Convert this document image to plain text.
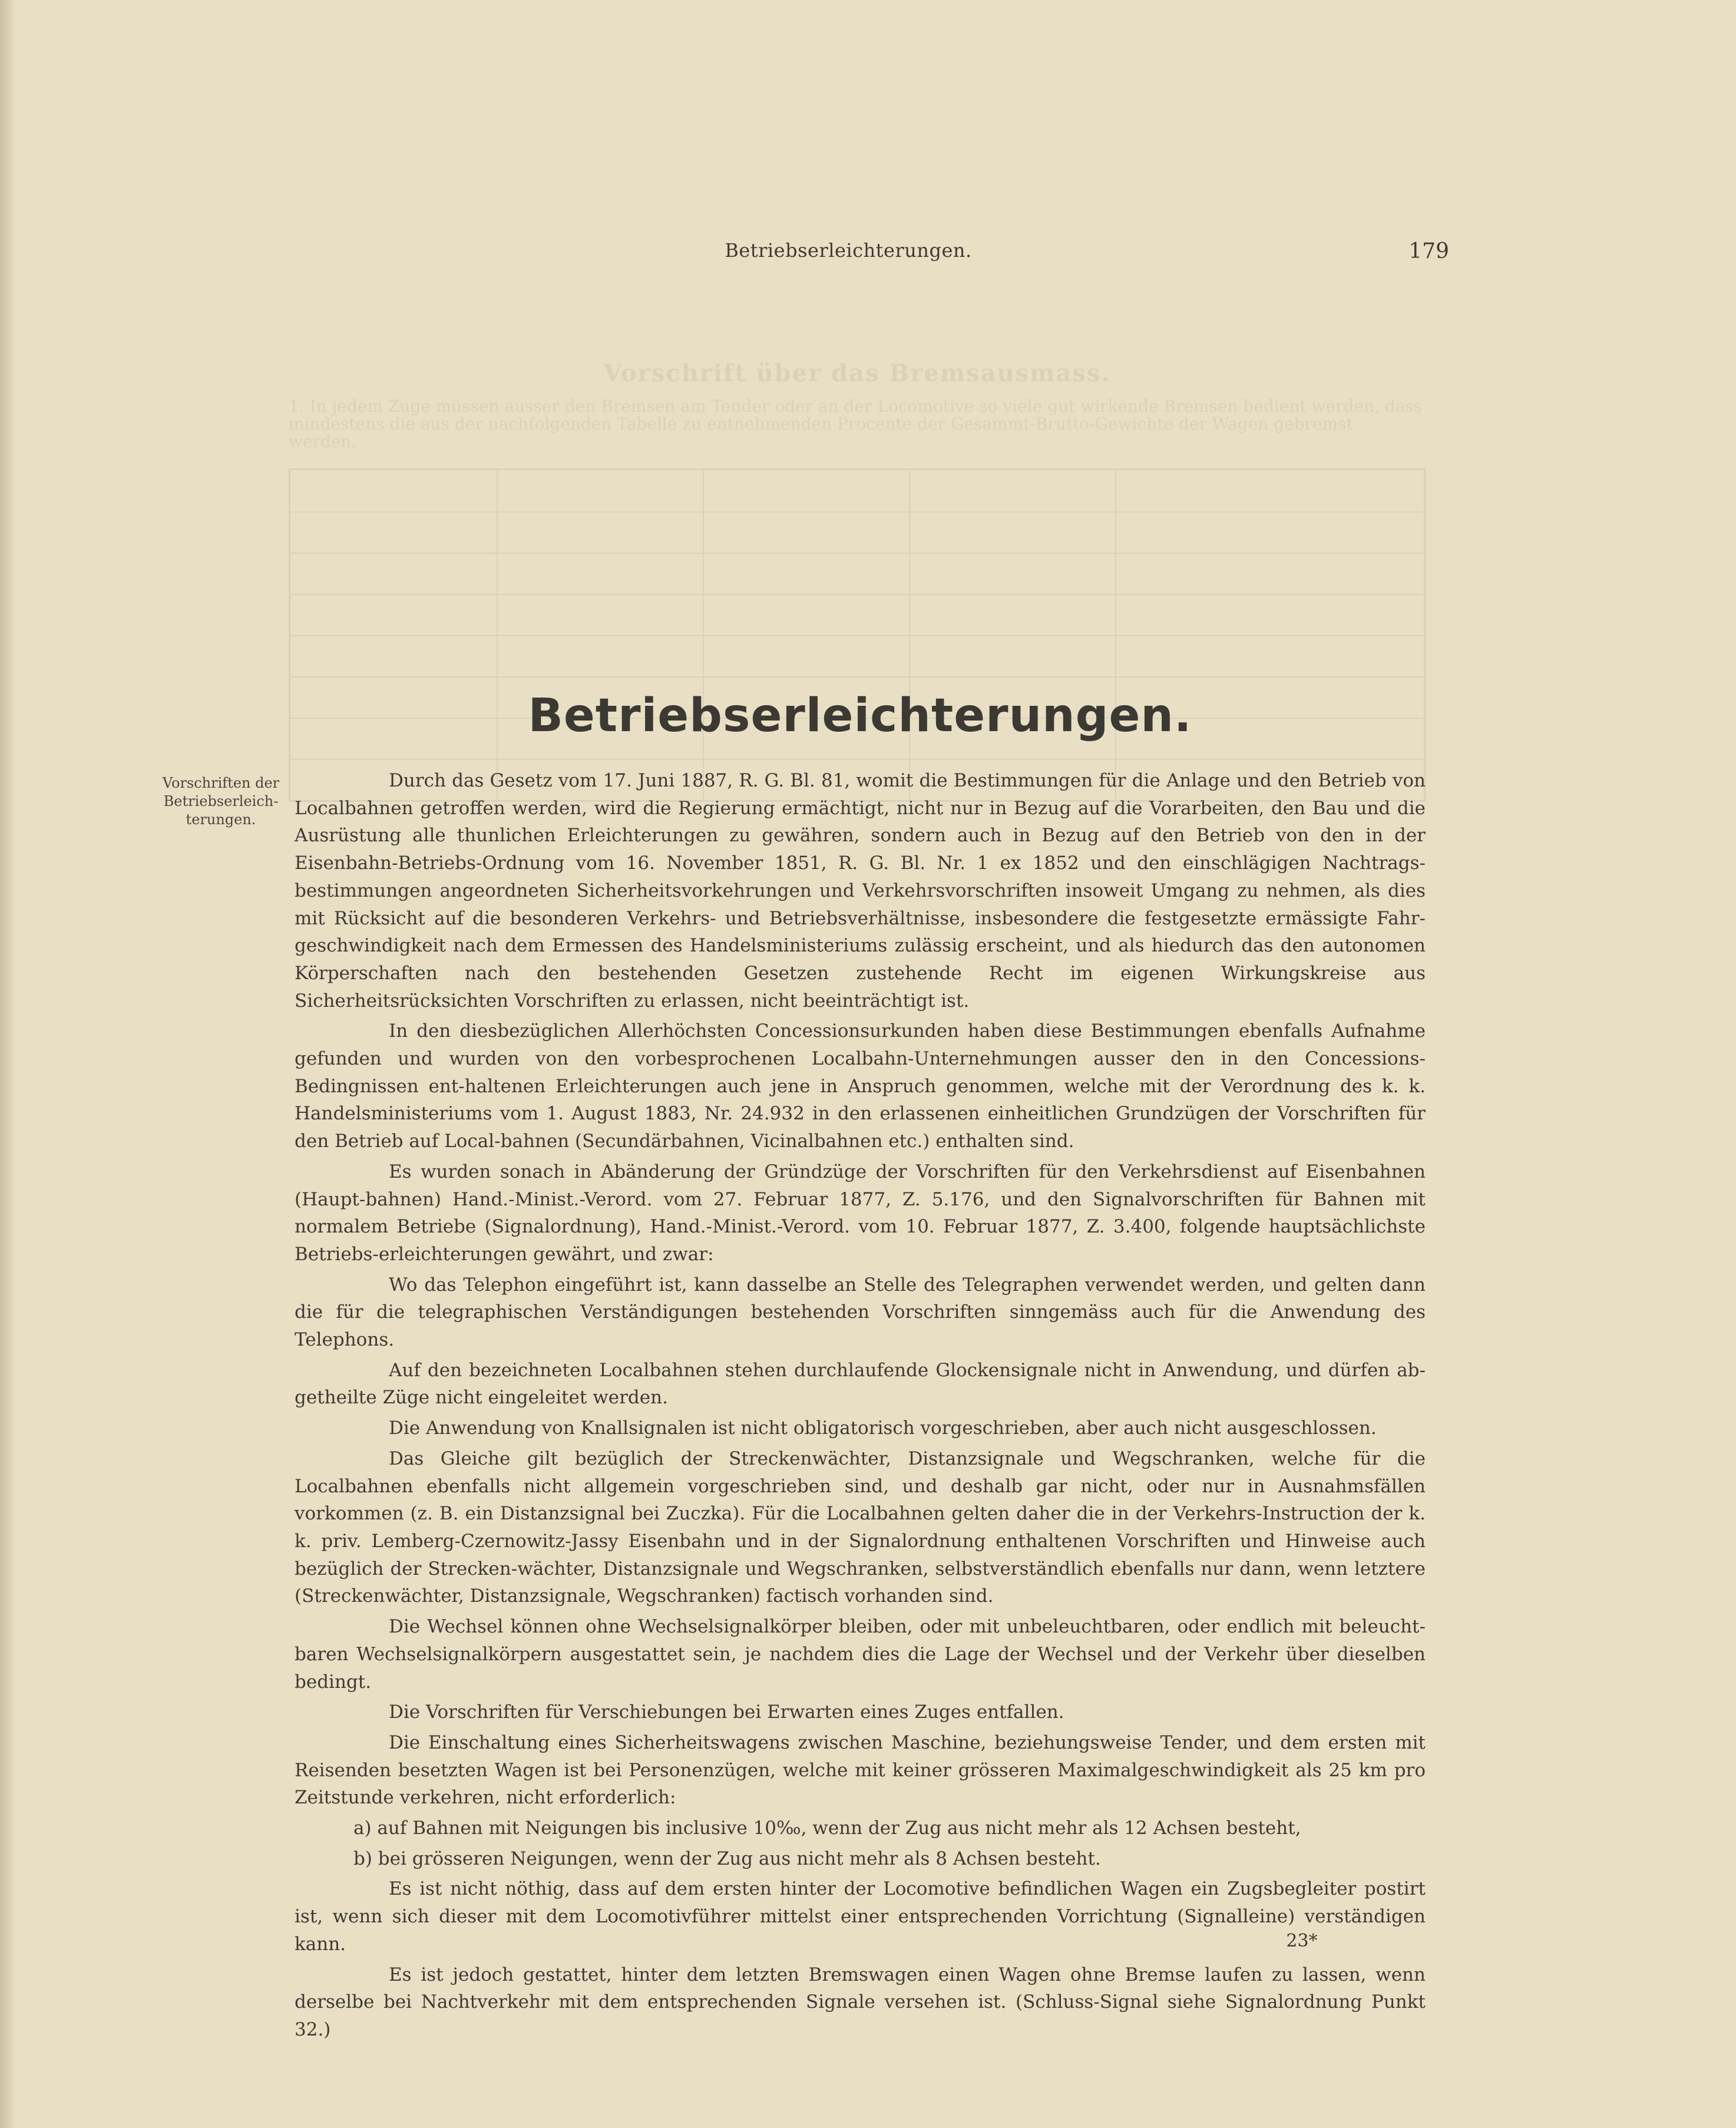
Vorschrift über das Bremsausmass.
1. In jedem Zuge müssen ausser den Bremsen am Tender oder an der Locomotive so viele gut wirkende Bremsen bedient werden, dass mindestens die aus der nachfolgenden Tabelle zu entnehmenden Procente der Gesammt-Brutto-Gewichte der Wagen gebremst werden.
Betriebserleichterungen.	179
Betriebserleichterungen.
Vorschriften der Betriebserleich-terungen.

Durch das Gesetz vom 17. Juni 1887, R. G. Bl. 81, womit die Bestimmungen für die Anlage und den Betrieb von Localbahnen getroffen werden, wird die Regierung ermächtigt, nicht nur in Bezug auf die Vorarbeiten, den Bau und die Ausrüstung alle thunlichen Erleichterungen zu gewähren, sondern auch in Bezug auf den Betrieb von den in der Eisenbahn-Betriebs-Ordnung vom 16. November 1851, R. G. Bl. Nr. 1 ex 1852 und den einschlägigen Nachtrags-bestimmungen angeordneten Sicherheitsvorkehrungen und Verkehrsvorschriften insoweit Umgang zu nehmen, als dies mit Rücksicht auf die besonderen Verkehrs- und Betriebsverhältnisse, insbesondere die festgesetzte ermässigte Fahr-geschwindigkeit nach dem Ermessen des Handelsministeriums zulässig erscheint, und als hiedurch das den autonomen Körperschaften nach den bestehenden Gesetzen zustehende Recht im eigenen Wirkungskreise aus Sicherheitsrücksichten Vorschriften zu erlassen, nicht beeinträchtigt ist.

In den diesbezüglichen Allerhöchsten Concessionsurkunden haben diese Bestimmungen ebenfalls Aufnahme gefunden und wurden von den vorbesprochenen Localbahn-Unternehmungen ausser den in den Concessions-Bedingnissen ent-haltenen Erleichterungen auch jene in Anspruch genommen, welche mit der Verordnung des k. k. Handelsministeriums vom 1. August 1883, Nr. 24.932 in den erlassenen einheitlichen Grundzügen der Vorschriften für den Betrieb auf Local-bahnen (Secundärbahnen, Vicinalbahnen etc.) enthalten sind.

Es wurden sonach in Abänderung der Gründzüge der Vorschriften für den Verkehrsdienst auf Eisenbahnen (Haupt-bahnen) Hand.-Minist.-Verord. vom 27. Februar 1877, Z. 5.176, und den Signalvorschriften für Bahnen mit normalem Betriebe (Signalordnung), Hand.-Minist.-Verord. vom 10. Februar 1877, Z. 3.400, folgende hauptsächlichste Betriebs-erleichterungen gewährt, und zwar:

Wo das Telephon eingeführt ist, kann dasselbe an Stelle des Telegraphen verwendet werden, und gelten dann die für die telegraphischen Verständigungen bestehenden Vorschriften sinngemäss auch für die Anwendung des Telephons.

Auf den bezeichneten Localbahnen stehen durchlaufende Glockensignale nicht in Anwendung, und dürfen ab-getheilte Züge nicht eingeleitet werden.

Die Anwendung von Knallsignalen ist nicht obligatorisch vorgeschrieben, aber auch nicht ausgeschlossen.

Das Gleiche gilt bezüglich der Streckenwächter, Distanzsignale und Wegschranken, welche für die Localbahnen ebenfalls nicht allgemein vorgeschrieben sind, und deshalb gar nicht, oder nur in Ausnahmsfällen vorkommen (z. B. ein Distanzsignal bei Zuczka). Für die Localbahnen gelten daher die in der Verkehrs-Instruction der k. k. priv. Lemberg-Czernowitz-Jassy Eisenbahn und in der Signalordnung enthaltenen Vorschriften und Hinweise auch bezüglich der Strecken-wächter, Distanzsignale und Wegschranken, selbstverständlich ebenfalls nur dann, wenn letztere (Streckenwächter, Distanzsignale, Wegschranken) factisch vorhanden sind.

Die Wechsel können ohne Wechselsignalkörper bleiben, oder mit unbeleuchtbaren, oder endlich mit beleucht-baren Wechselsignalkörpern ausgestattet sein, je nachdem dies die Lage der Wechsel und der Verkehr über dieselben bedingt.

Die Vorschriften für Verschiebungen bei Erwarten eines Zuges entfallen.

Die Einschaltung eines Sicherheitswagens zwischen Maschine, beziehungsweise Tender, und dem ersten mit Reisenden besetzten Wagen ist bei Personenzügen, welche mit keiner grösseren Maximalgeschwindigkeit als 25 km pro Zeitstunde verkehren, nicht erforderlich:

a) auf Bahnen mit Neigungen bis inclusive 10‰, wenn der Zug aus nicht mehr als 12 Achsen besteht,

b) bei grösseren Neigungen, wenn der Zug aus nicht mehr als 8 Achsen besteht.

Es ist nicht nöthig, dass auf dem ersten hinter der Locomotive befindlichen Wagen ein Zugsbegleiter postirt ist, wenn sich dieser mit dem Locomotivführer mittelst einer entsprechenden Vorrichtung (Signalleine) verständigen kann.

Es ist jedoch gestattet, hinter dem letzten Bremswagen einen Wagen ohne Bremse laufen zu lassen, wenn derselbe bei Nachtverkehr mit dem entsprechenden Signale versehen ist. (Schluss-Signal siehe Signalordnung Punkt 32.)

23*
